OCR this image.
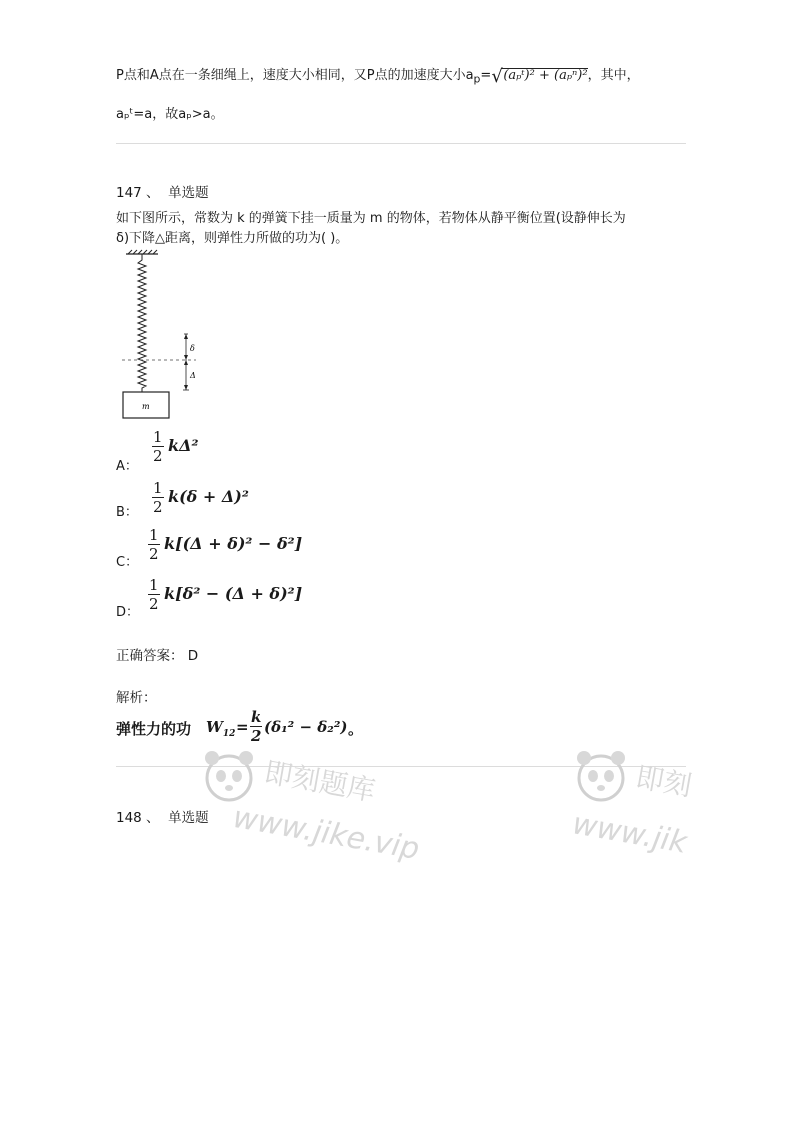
P点和A点在一条细绳上，速度大小相同，又P点的加速度大小$a_p=$ √ (aₚᵗ)² + (aₚⁿ)²，其中，
aₚᵗ=a，故aₚ>a。
147 、 单选题
如下图所示，常数为 k 的弹簧下挂一质量为 m 的物体，若物体从静平衡位置(设静伸长为
δ)下降△距离，则弹性力所做的功为( )。
δ
Δ
m
$\frac{1}{2} k\Delta^2$
A：
$\frac{1}{2} k(\delta + \Delta)^2$
B：
$\frac{1}{2} k[(\Delta + \delta)^2 - \delta^2]$
C：
$\frac{1}{2} k[\delta^2 - (\Delta + \delta)^2]$
D：
正确答案： D
解析：
弹性力的功 $W_{12} = \frac{k}{2} (\delta_1^2 - \delta_2^2)$ 。
148 、 单选题
即刻题库
www.jike.vip
即刻
www.jik
